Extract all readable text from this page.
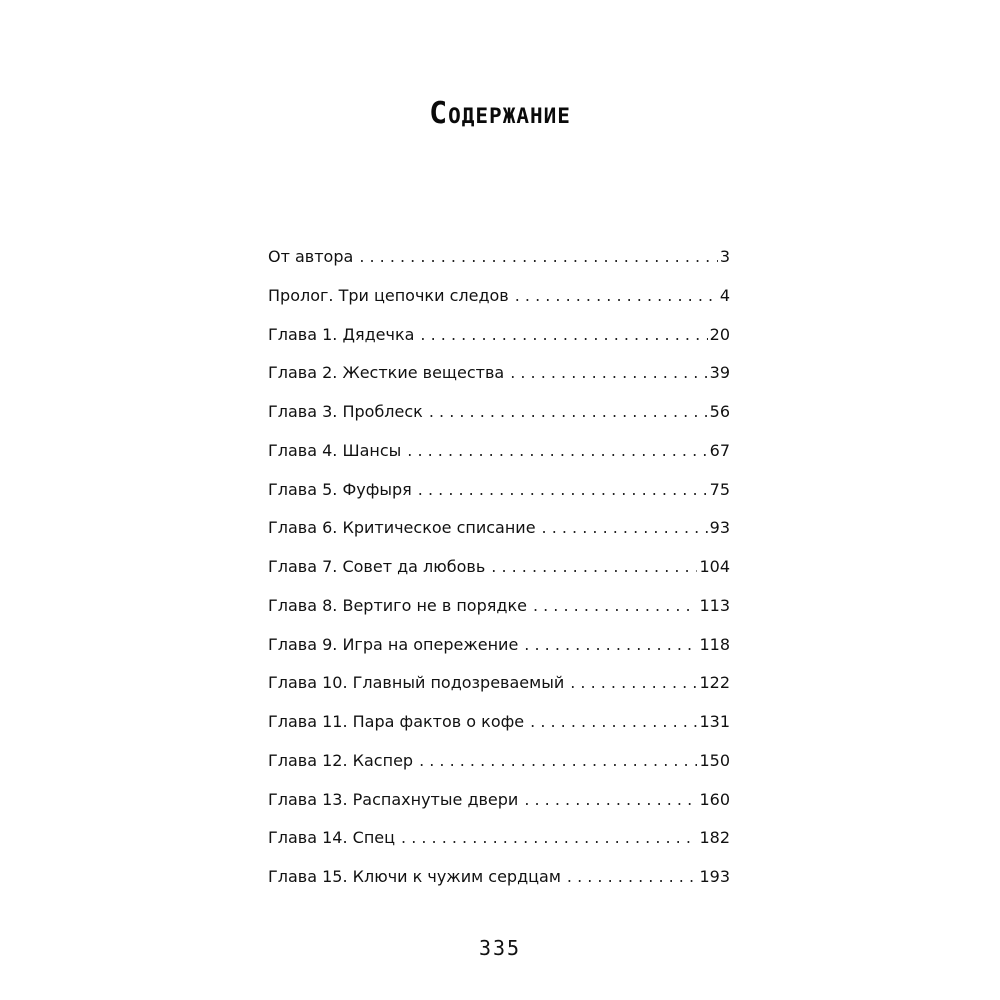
Содержание
От автора . . .	3
Пролог. Три цепочки следов . . .	4
Глава 1. Дядечка . . .	20
Глава 2. Жесткие вещества . . .	39
Глава 3. Проблеск . . .	56
Глава 4. Шансы . . .	67
Глава 5. Фуфыря . . .	75
Глава 6. Критическое списание . . .	93
Глава 7. Совет да любовь . . .	104
Глава 8. Вертиго не в порядке . . .	113
Глава 9. Игра на опережение . . .	118
Глава 10. Главный подозреваемый . . .	122
Глава 11. Пара фактов о кофе . . .	131
Глава 12. Каспер . . .	150
Глава 13. Распахнутые двери . . .	160
Глава 14. Спец . . .	182
Глава 15. Ключи к чужим сердцам . . .	193
335
